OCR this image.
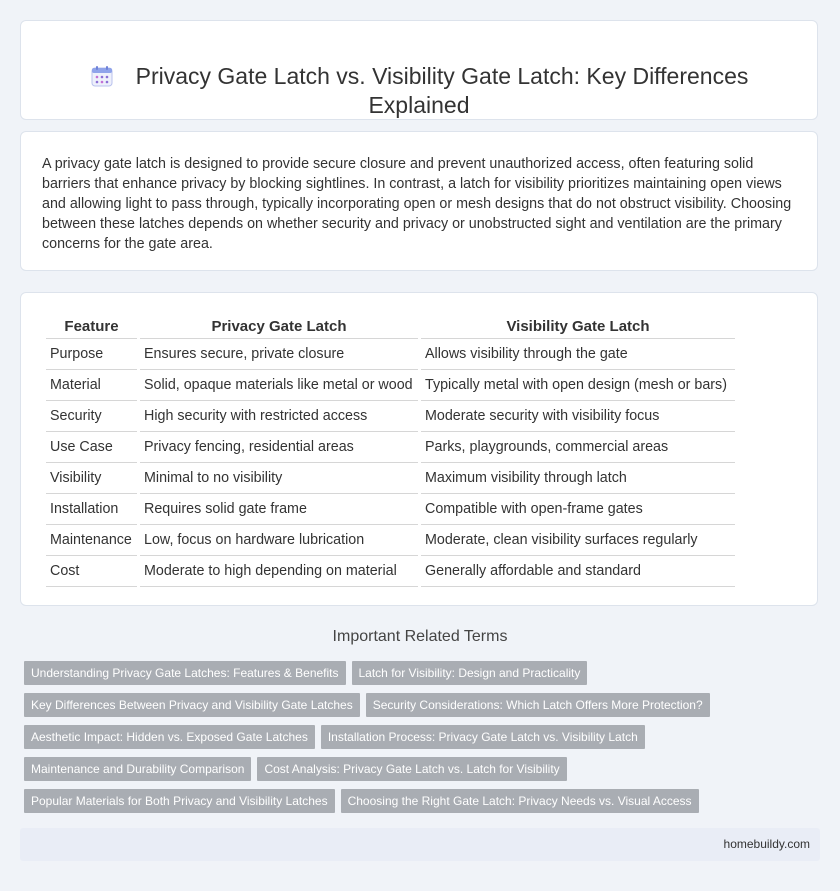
Privacy Gate Latch vs. Visibility Gate Latch: Key Differences
Explained
A privacy gate latch is designed to provide secure closure and prevent unauthorized access, often featuring solid barriers that enhance privacy by blocking sightlines. In contrast, a latch for visibility prioritizes maintaining open views and allowing light to pass through, typically incorporating open or mesh designs that do not obstruct visibility. Choosing between these latches depends on whether security and privacy or unobstructed sight and ventilation are the primary concerns for the gate area.
Feature	Privacy Gate Latch	Visibility Gate Latch
Purpose	Ensures secure, private closure	Allows visibility through the gate
Material	Solid, opaque materials like metal or wood	Typically metal with open design (mesh or bars)
Security	High security with restricted access	Moderate security with visibility focus
Use Case	Privacy fencing, residential areas	Parks, playgrounds, commercial areas
Visibility	Minimal to no visibility	Maximum visibility through latch
Installation	Requires solid gate frame	Compatible with open-frame gates
Maintenance	Low, focus on hardware lubrication	Moderate, clean visibility surfaces regularly
Cost	Moderate to high depending on material	Generally affordable and standard
Important Related Terms
Understanding Privacy Gate Latches: Features & Benefits Latch for Visibility: Design and Practicality
Key Differences Between Privacy and Visibility Gate Latches Security Considerations: Which Latch Offers More Protection?
Aesthetic Impact: Hidden vs. Exposed Gate Latches Installation Process: Privacy Gate Latch vs. Visibility Latch
Maintenance and Durability Comparison Cost Analysis: Privacy Gate Latch vs. Latch for Visibility
Popular Materials for Both Privacy and Visibility Latches Choosing the Right Gate Latch: Privacy Needs vs. Visual Access
homebuildy.com
